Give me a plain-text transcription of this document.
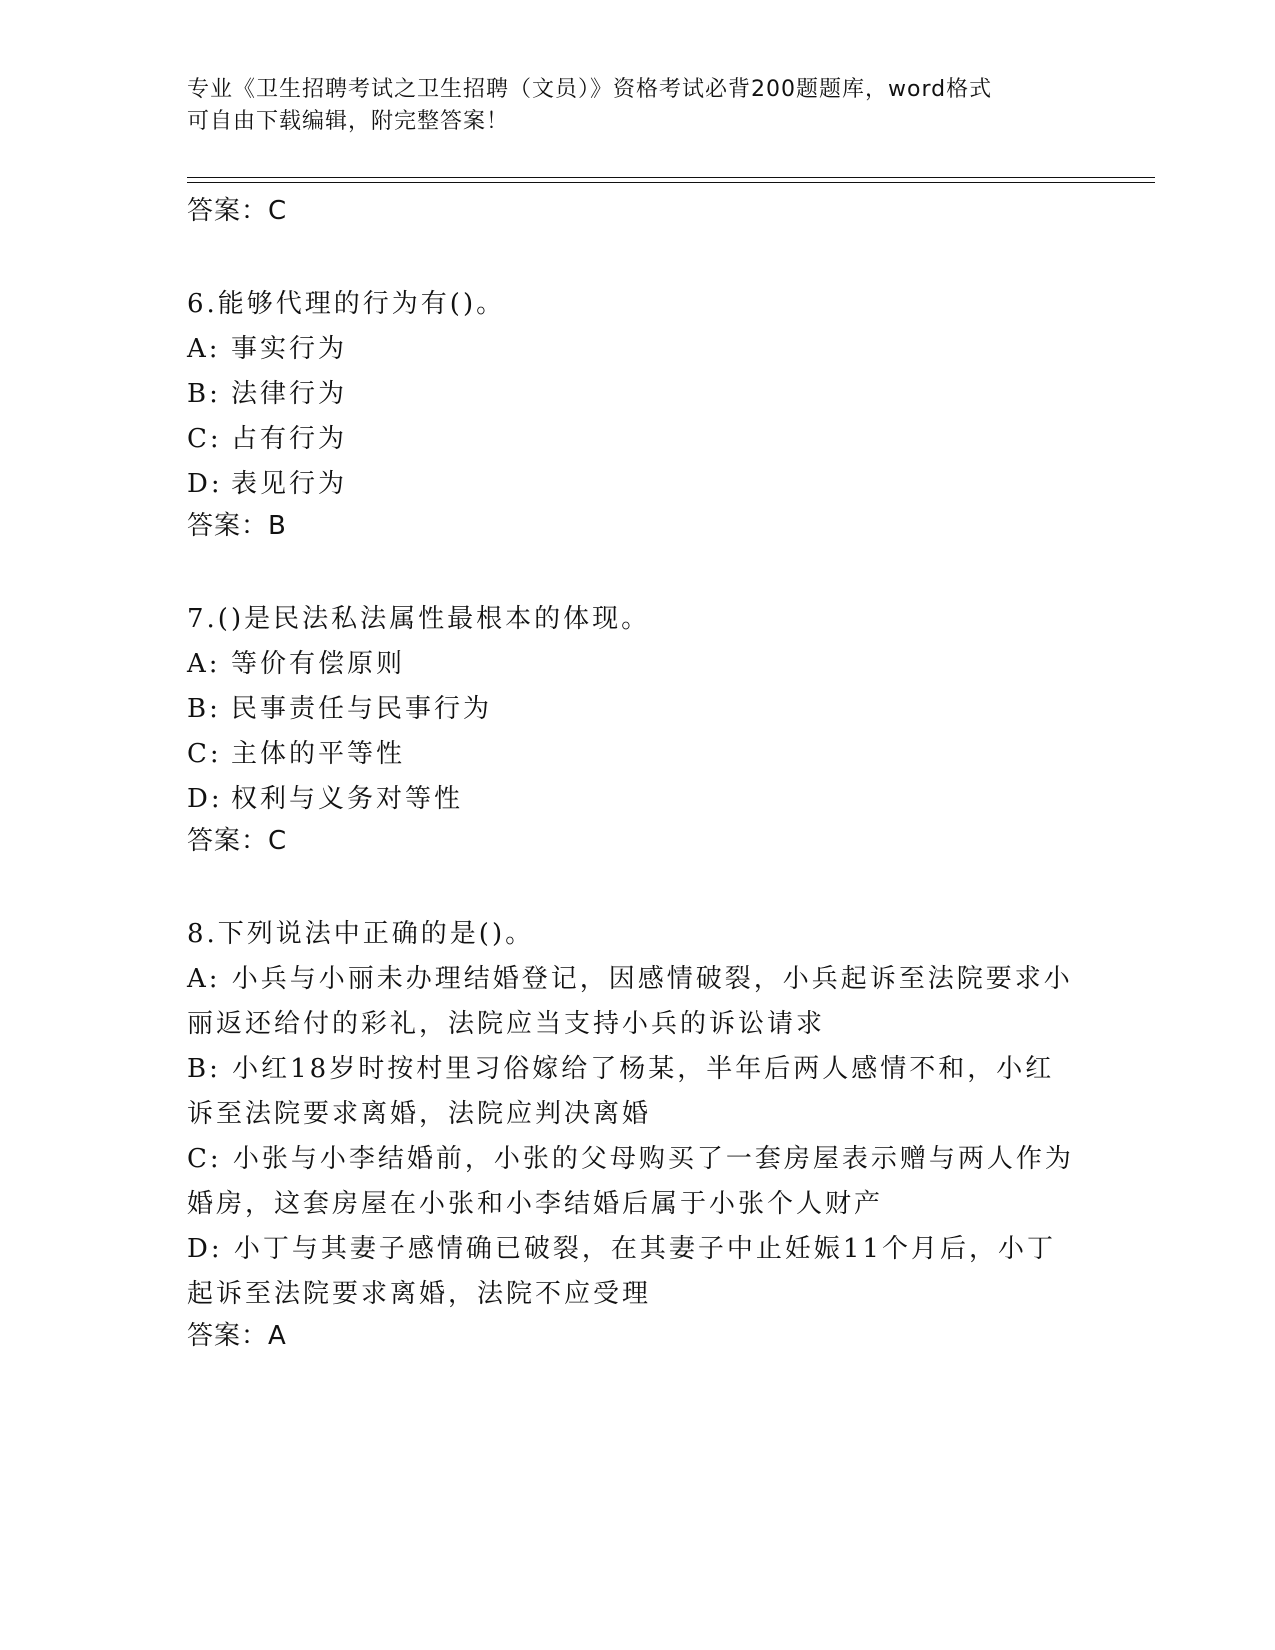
专业《卫生招聘考试之卫生招聘（文员）》资格考试必背200题题库，word格式
可自由下载编辑，附完整答案！
答案：C
6.能够代理的行为有()。
A: 事实行为
B: 法律行为
C: 占有行为
D: 表见行为
答案：B
7.()是民法私法属性最根本的体现。
A: 等价有偿原则
B: 民事责任与民事行为
C: 主体的平等性
D: 权利与义务对等性
答案：C
8.下列说法中正确的是()。
A: 小兵与小丽未办理结婚登记，因感情破裂，小兵起诉至法院要求小
丽返还给付的彩礼，法院应当支持小兵的诉讼请求
B: 小红18岁时按村里习俗嫁给了杨某，半年后两人感情不和，小红
诉至法院要求离婚，法院应判决离婚
C: 小张与小李结婚前，小张的父母购买了一套房屋表示赠与两人作为
婚房，这套房屋在小张和小李结婚后属于小张个人财产
D: 小丁与其妻子感情确已破裂，在其妻子中止妊娠11个月后，小丁
起诉至法院要求离婚，法院不应受理
答案：A
